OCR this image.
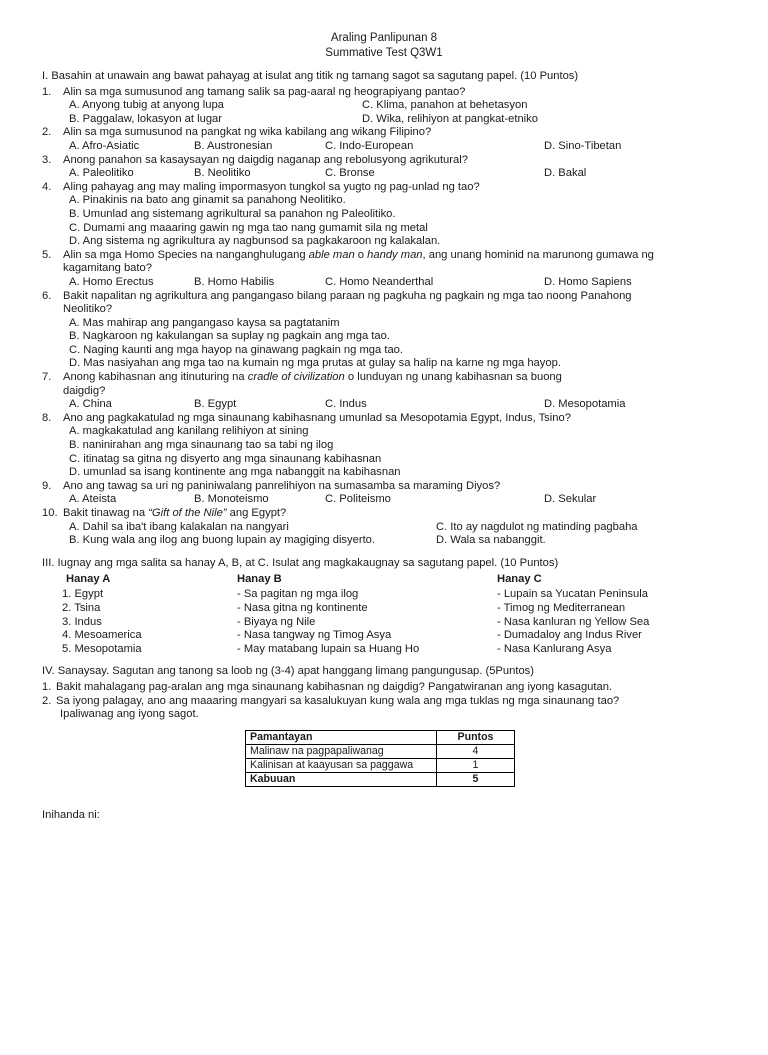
Araling Panlipunan 8
Summative Test Q3W1
I. Basahin at unawain ang bawat pahayag at isulat ang titik ng tamang sagot sa sagutang papel. (10 Puntos)
1.	Alin sa mga sumusunod ang tamang salik sa pag-aaral ng heograpiyang pantao?
A. Anyong tubig at anyong lupa	C. Klima, panahon at behetasyon
B. Paggalaw, lokasyon at lugar	D. Wika, relihiyon at pangkat-etniko
2.	Alin sa mga sumusunod na pangkat ng wika kabilang ang wikang Filipino?
A. Afro-Asiatic	B. Austronesian	C. Indo-European	D. Sino-Tibetan
3.	Anong panahon sa kasaysayan ng daigdig naganap ang rebolusyong agrikutural?
A. Paleolitiko	B. Neolitiko	C. Bronse	D. Bakal
4.	Aling pahayag ang may maling impormasyon tungkol sa yugto ng pag-unlad ng tao?
A. Pinakinis na bato ang ginamit sa panahong Neolitiko.
B. Umunlad ang sistemang agrikultural sa panahon ng Paleolitiko.
C. Dumami ang maaaring gawin ng mga tao nang gumamit sila ng metal
D. Ang sistema ng agrikultura ay nagbunsod sa pagkakaroon ng kalakalan.
5.	Alin sa mga Homo Species na nanganghulugang able man o handy man, ang unang hominid na marunong gumawa ng
kagamitang bato?
A. Homo Erectus	B. Homo Habilis	C. Homo Neanderthal	D. Homo Sapiens
6.	Bakit napalitan ng agrikultura ang pangangaso bilang paraan ng pagkuha ng pagkain ng mga tao noong Panahong
Neolitiko?
A. Mas mahirap ang pangangaso kaysa sa pagtatanim
B. Nagkaroon ng kakulangan sa suplay ng pagkain ang mga tao.
C. Naging kaunti ang mga hayop na ginawang pagkain ng mga tao.
D. Mas nasiyahan ang mga tao na kumain ng mga prutas at gulay sa halip na karne ng mga hayop.
7.	Anong kabihasnan ang itinuturing na cradle of civilization o lunduyan ng unang kabihasnan sa buong
daigdig?
A. China	B. Egypt	C. Indus	D. Mesopotamia
8.	Ano ang pagkakatulad ng mga sinaunang kabihasnang umunlad sa Mesopotamia Egypt, Indus, Tsino?
A. magkakatulad ang kanilang relihiyon at sining
B. naninirahan ang mga sinaunang tao sa tabi ng ilog
C. itinatag sa gitna ng disyerto ang mga sinaunang kabihasnan
D. umunlad sa isang kontinente ang mga nabanggit na kabihasnan
9.	Ano ang tawag sa uri ng paniniwalang panrelihiyon na sumasamba sa maraming Diyos?
A. Ateista	B. Monoteismo	C. Politeismo	D. Sekular
10. Bakit tinawag na “Gift of the Nile” ang Egypt?
A. Dahil sa iba't ibang kalakalan na nangyari	C. Ito ay nagdulot ng matinding pagbaha
B. Kung wala ang ilog ang buong lupain ay magiging disyerto.	D. Wala sa nabanggit.
III. Iugnay ang mga salita sa hanay A, B, at C. Isulat ang magkakaugnay sa sagutang papel. (10 Puntos)
Hanay A	Hanay B	Hanay C
1. Egypt	- Sa pagitan ng mga ilog	- Lupain sa Yucatan Peninsula
2. Tsina	- Nasa gitna ng kontinente	- Timog ng Mediterranean
3. Indus	- Biyaya ng Nile	- Nasa kanluran ng Yellow Sea
4. Mesoamerica	- Nasa tangway ng Timog Asya	- Dumadaloy ang Indus River
5. Mesopotamia	- May matabang lupain sa Huang Ho	- Nasa Kanlurang Asya
IV. Sanaysay. Sagutan ang tanong sa loob ng (3-4) apat hanggang limang pangungusap. (5Puntos)
1. Bakit mahalagang pag-aralan ang mga sinaunang kabihasnan ng daigdig? Pangatwiranan ang iyong kasagutan.
2. Sa iyong palagay, ano ang maaaring mangyari sa kasalukuyan kung wala ang mga tuklas ng mga sinaunang tao?
Ipaliwanag ang iyong sagot.
Pamantayan	Puntos
Malinaw na pagpapaliwanag	4
Kalinisan at kaayusan sa paggawa	1
Kabuuan	5
Inihanda ni:
